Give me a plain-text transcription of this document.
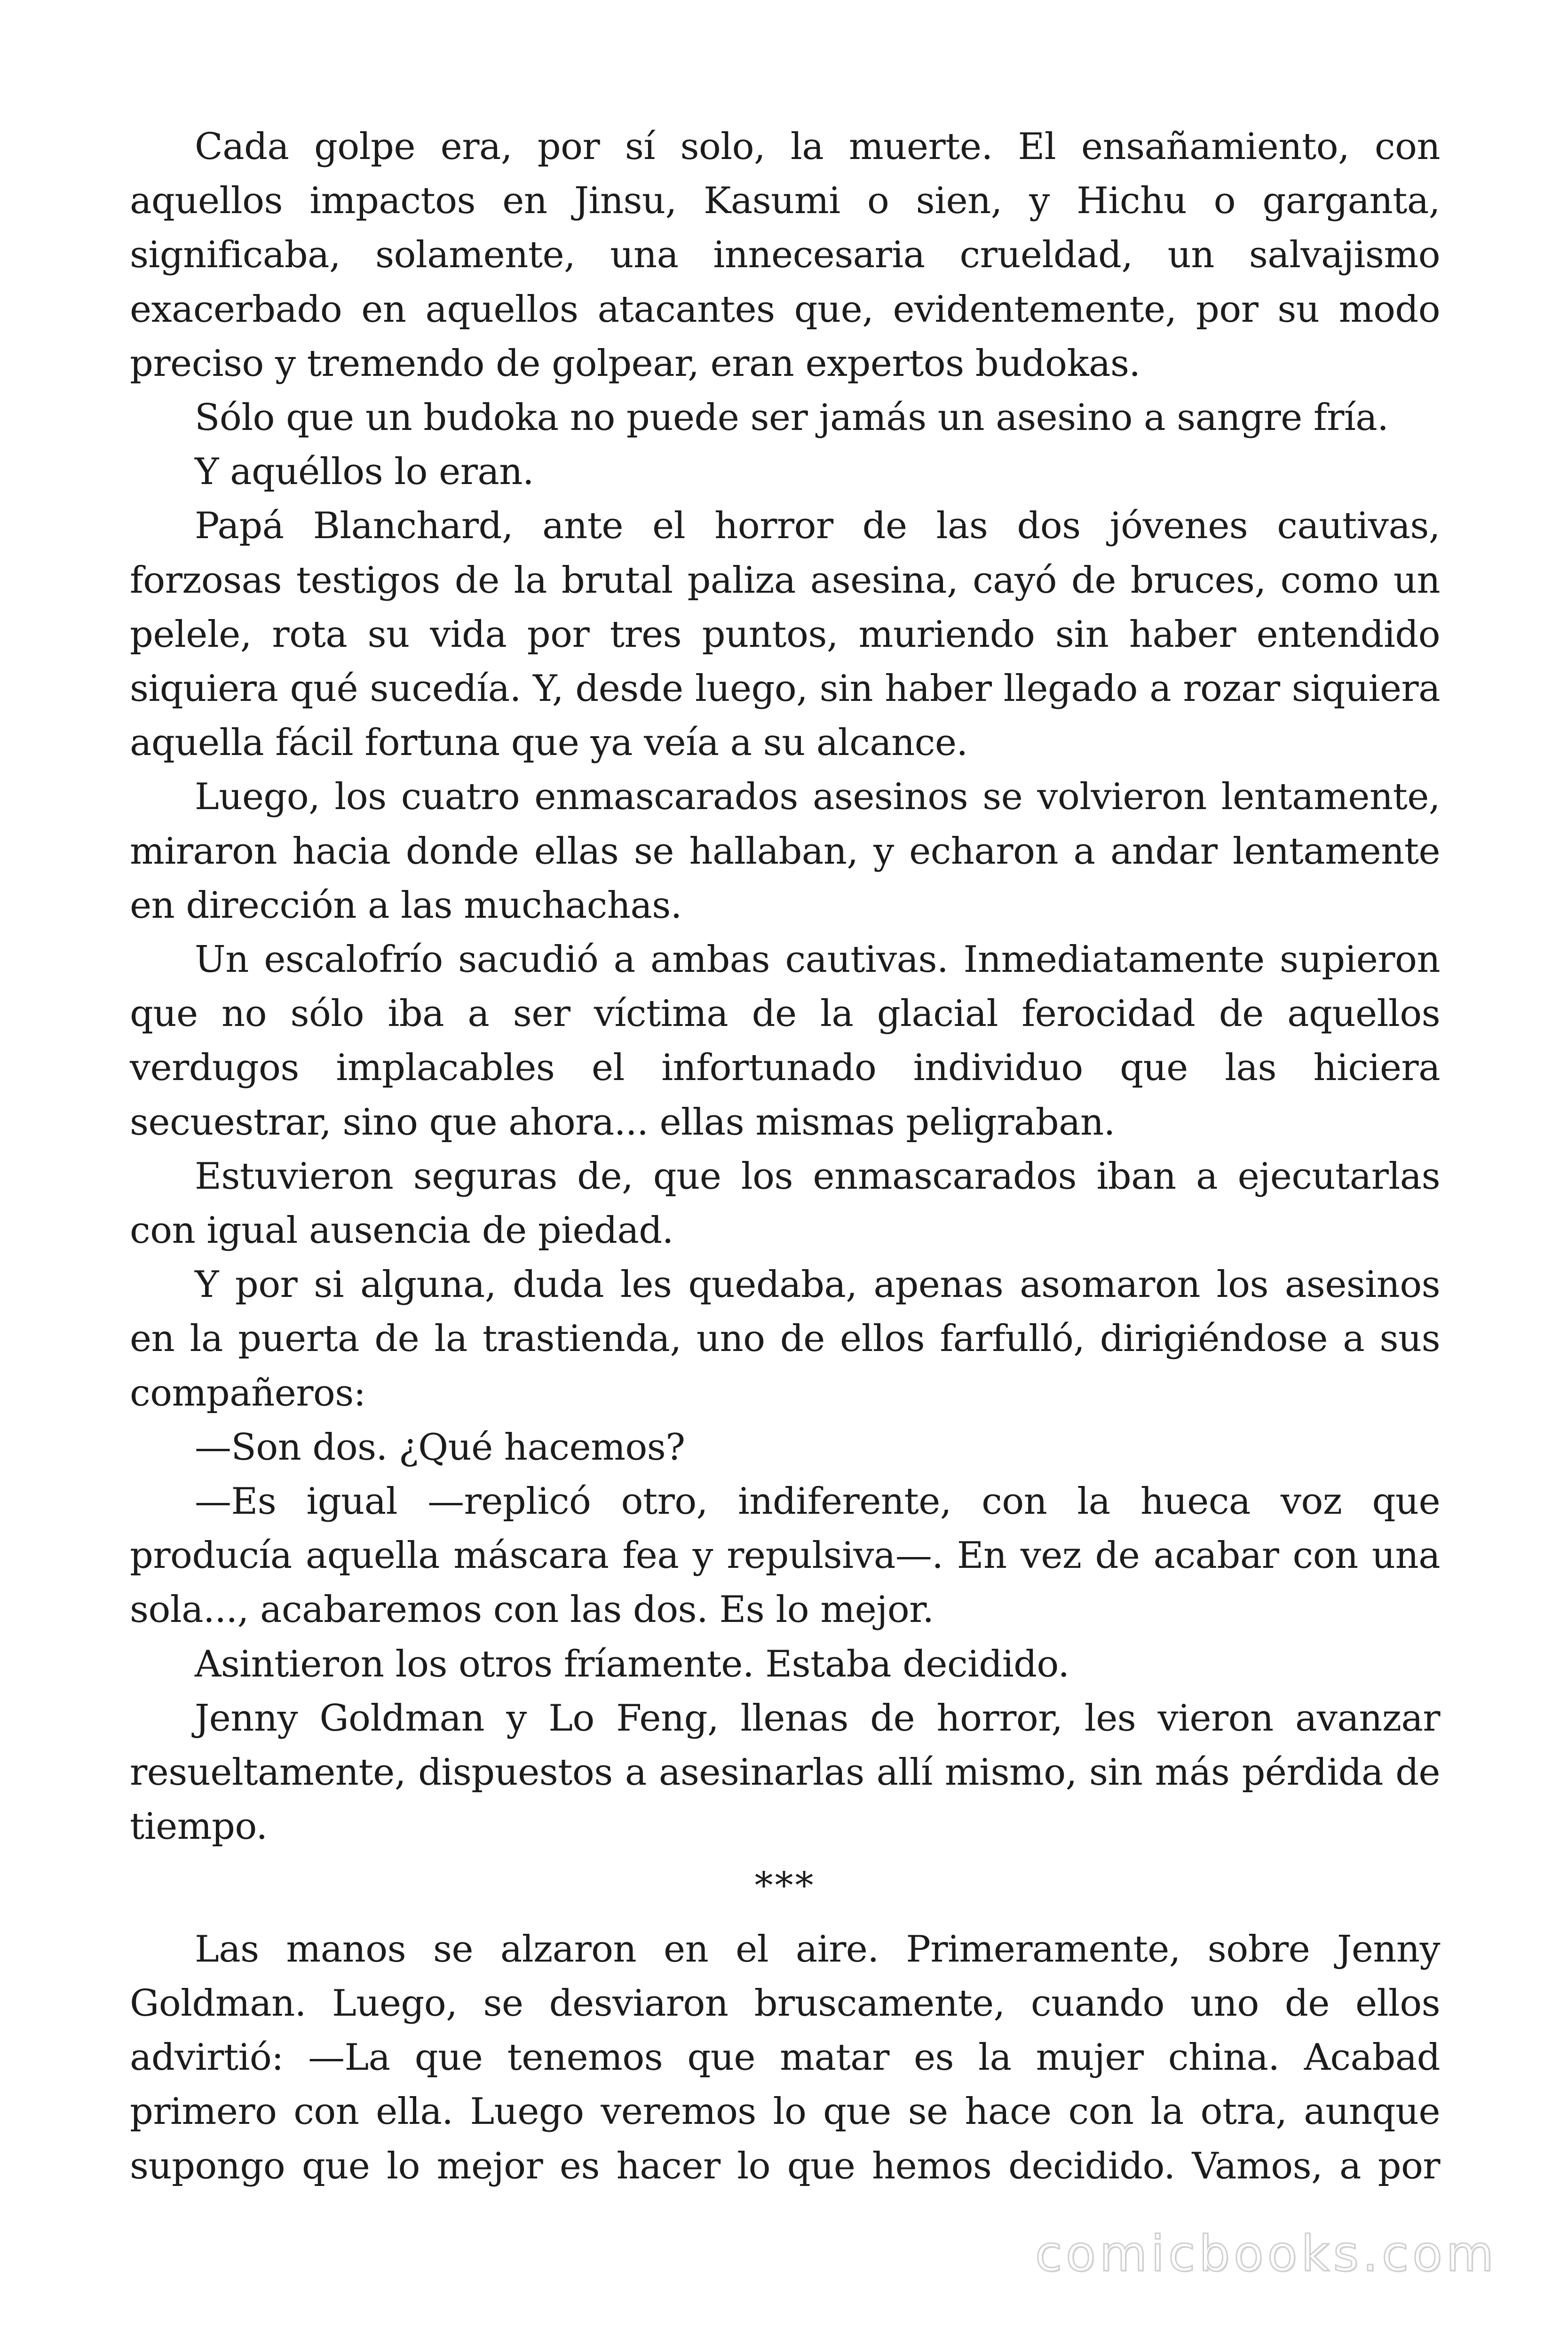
Cada golpe era, por sí solo, la muerte. El ensañamiento, con aquellos impactos en Jinsu, Kasumi o sien, y Hichu o garganta, significaba, solamente, una innecesaria crueldad, un salvajismo exacerbado en aquellos atacantes que, evidentemente, por su modo preciso y tremendo de golpear, eran expertos budokas.

Sólo que un budoka no puede ser jamás un asesino a sangre fría.

Y aquéllos lo eran.

Papá Blanchard, ante el horror de las dos jóvenes cautivas, forzosas testigos de la brutal paliza asesina, cayó de bruces, como un pelele, rota su vida por tres puntos, muriendo sin haber entendido siquiera qué sucedía. Y, desde luego, sin haber llegado a rozar siquiera aquella fácil fortuna que ya veía a su alcance.

Luego, los cuatro enmascarados asesinos se volvieron lentamente, miraron hacia donde ellas se hallaban, y echaron a andar lentamente en dirección a las muchachas.

Un escalofrío sacudió a ambas cautivas. Inmediatamente supieron que no sólo iba a ser víctima de la glacial ferocidad de aquellos verdugos implacables el infortunado individuo que las hiciera secuestrar, sino que ahora... ellas mismas peligraban.

Estuvieron seguras de, que los enmascarados iban a ejecutarlas con igual ausencia de piedad.

Y por si alguna, duda les quedaba, apenas asomaron los asesinos en la puerta de la trastienda, uno de ellos farfulló, dirigiéndose a sus compañeros:

—Son dos. ¿Qué hacemos?

—Es igual —replicó otro, indiferente, con la hueca voz que producía aquella máscara fea y repulsiva—. En vez de acabar con una sola..., acabaremos con las dos. Es lo mejor.

Asintieron los otros fríamente. Estaba decidido.

Jenny Goldman y Lo Feng, llenas de horror, les vieron avanzar resueltamente, dispuestos a asesinarlas allí mismo, sin más pérdida de tiempo.

***

Las manos se alzaron en el aire. Primeramente, sobre Jenny Goldman. Luego, se desviaron bruscamente, cuando uno de ellos advirtió: —La que tenemos que matar es la mujer china. Acabad primero con ella. Luego veremos lo que se hace con la otra, aunque supongo que lo mejor es hacer lo que hemos decidido. Vamos, a por

comicbooks.com
